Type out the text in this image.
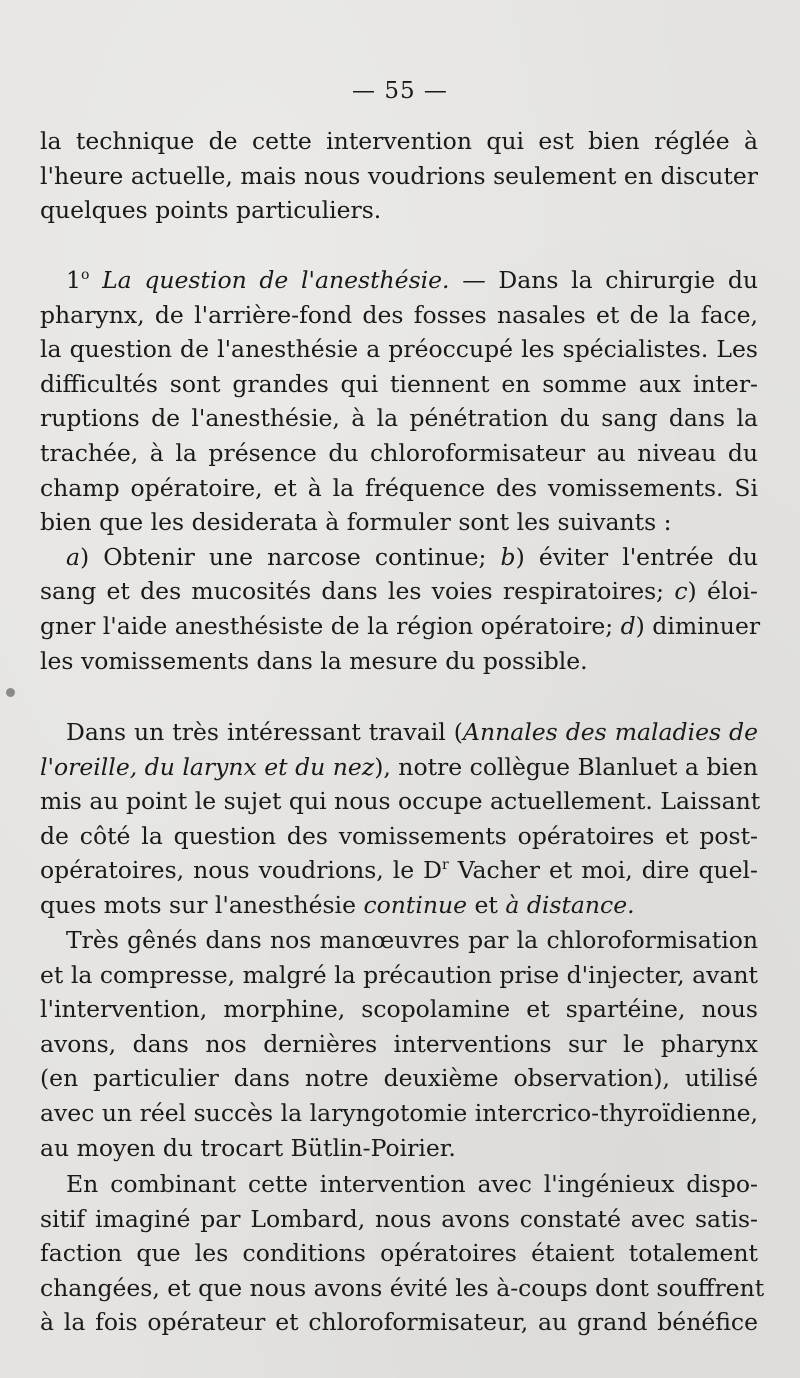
— 55 —
la technique de cette intervention qui est bien réglée à
l'heure actuelle, mais nous voudrions seulement en discuter
quelques points particuliers.
1$^o$ La question de l'anesthésie. — Dans la chirurgie du
pharynx, de l'arrière-fond des fosses nasales et de la face,
la question de l'anesthésie a préoccupé les spécialistes. Les
difficultés sont grandes qui tiennent en somme aux inter-
ruptions de l'anesthésie, à la pénétration du sang dans la
trachée, à la présence du chloroformisateur au niveau du
champ opératoire, et à la fréquence des vomissements. Si
bien que les desiderata à formuler sont les suivants :
a) Obtenir une narcose continue; b) éviter l'entrée du
sang et des mucosités dans les voies respiratoires; c) éloi-
gner l'aide anesthésiste de la région opératoire; d) diminuer
les vomissements dans la mesure du possible.
Dans un très intéressant travail (Annales des maladies de
l'oreille, du larynx et du nez), notre collègue Blanluet a bien
mis au point le sujet qui nous occupe actuellement. Laissant
de côté la question des vomissements opératoires et post-
opératoires, nous voudrions, le $D^r$ Vacher et moi, dire quel-
ques mots sur l'anesthésie continue et à distance.
Très gênés dans nos manœuvres par la chloroformisation
et la compresse, malgré la précaution prise d'injecter, avant
l'intervention, morphine, scopolamine et spartéine, nous
avons, dans nos dernières interventions sur le pharynx
(en particulier dans notre deuxième observation), utilisé
avec un réel succès la laryngotomie intercrico-thyroïdienne,
au moyen du trocart Bütlin-Poirier.
En combinant cette intervention avec l'ingénieux dispo-
sitif imaginé par Lombard, nous avons constaté avec satis-
faction que les conditions opératoires étaient totalement
changées, et que nous avons évité les à-coups dont souffrent
à la fois opérateur et chloroformisateur, au grand bénéfice
